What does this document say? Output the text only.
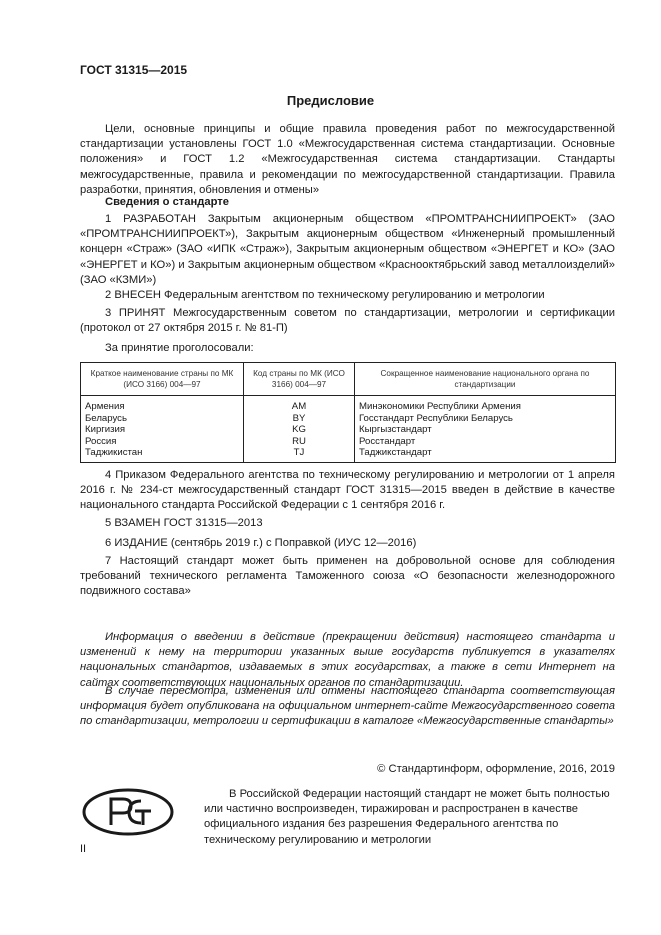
ГОСТ 31315—2015
Предисловие
Цели, основные принципы и общие правила проведения работ по межгосударственной стандартизации установлены ГОСТ 1.0 «Межгосударственная система стандартизации. Основные положения» и ГОСТ 1.2 «Межгосударственная система стандартизации. Стандарты межгосударственные, правила и рекомендации по межгосударственной стандартизации. Правила разработки, принятия, обновления и отмены»
Сведения о стандарте
1 РАЗРАБОТАН Закрытым акционерным обществом «ПРОМТРАНСНИИПРОЕКТ» (ЗАО «ПРОМТРАНСНИИПРОЕКТ»), Закрытым акционерным обществом «Инженерный промышленный концерн «Страж» (ЗАО «ИПК «Страж»), Закрытым акционерным обществом «ЭНЕРГЕТ и КО» (ЗАО «ЭНЕРГЕТ и КО») и Закрытым акционерным обществом «Краснооктябрьский завод металлоизделий» (ЗАО «КЗМИ»)
2 ВНЕСЕН Федеральным агентством по техническому регулированию и метрологии
3 ПРИНЯТ Межгосударственным советом по стандартизации, метрологии и сертификации (протокол от 27 октября 2015 г. № 81-П)
За принятие проголосовали:
Краткое наименование страны по МК (ИСО 3166) 004—97	Код страны по МК (ИСО 3166) 004—97	Сокращенное наименование национального органа по стандартизации
Армения	AM	Минэкономики Республики Армения
Беларусь	BY	Госстандарт Республики Беларусь
Киргизия	KG	Кыргызстандарт
Россия	RU	Росстандарт
Таджикистан	TJ	Таджикстандарт
4 Приказом Федерального агентства по техническому регулированию и метрологии от 1 апреля 2016 г. № 234-ст межгосударственный стандарт ГОСТ 31315—2015 введен в действие в качестве национального стандарта Российской Федерации с 1 сентября 2016 г.
5 ВЗАМЕН ГОСТ 31315—2013
6 ИЗДАНИЕ (сентябрь 2019 г.) с Поправкой (ИУС 12—2016)
7 Настоящий стандарт может быть применен на добровольной основе для соблюдения требований технического регламента Таможенного союза «О безопасности железнодорожного подвижного состава»
Информация о введении в действие (прекращении действия) настоящего стандарта и изменений к нему на территории указанных выше государств публикуется в указателях национальных стандартов, издаваемых в этих государствах, а также в сети Интернет на сайтах соответствующих национальных органов по стандартизации.
В случае пересмотра, изменения или отмены настоящего стандарта соответствующая информация будет опубликована на официальном интернет-сайте Межгосударственного совета по стандартизации, метрологии и сертификации в каталоге «Межгосударственные стандарты»
© Стандартинформ, оформление, 2016, 2019
В Российской Федерации настоящий стандарт не может быть полностью или частично воспроизведен, тиражирован и распространен в качестве официального издания без разрешения Федерального агентства по техническому регулированию и метрологии
II
